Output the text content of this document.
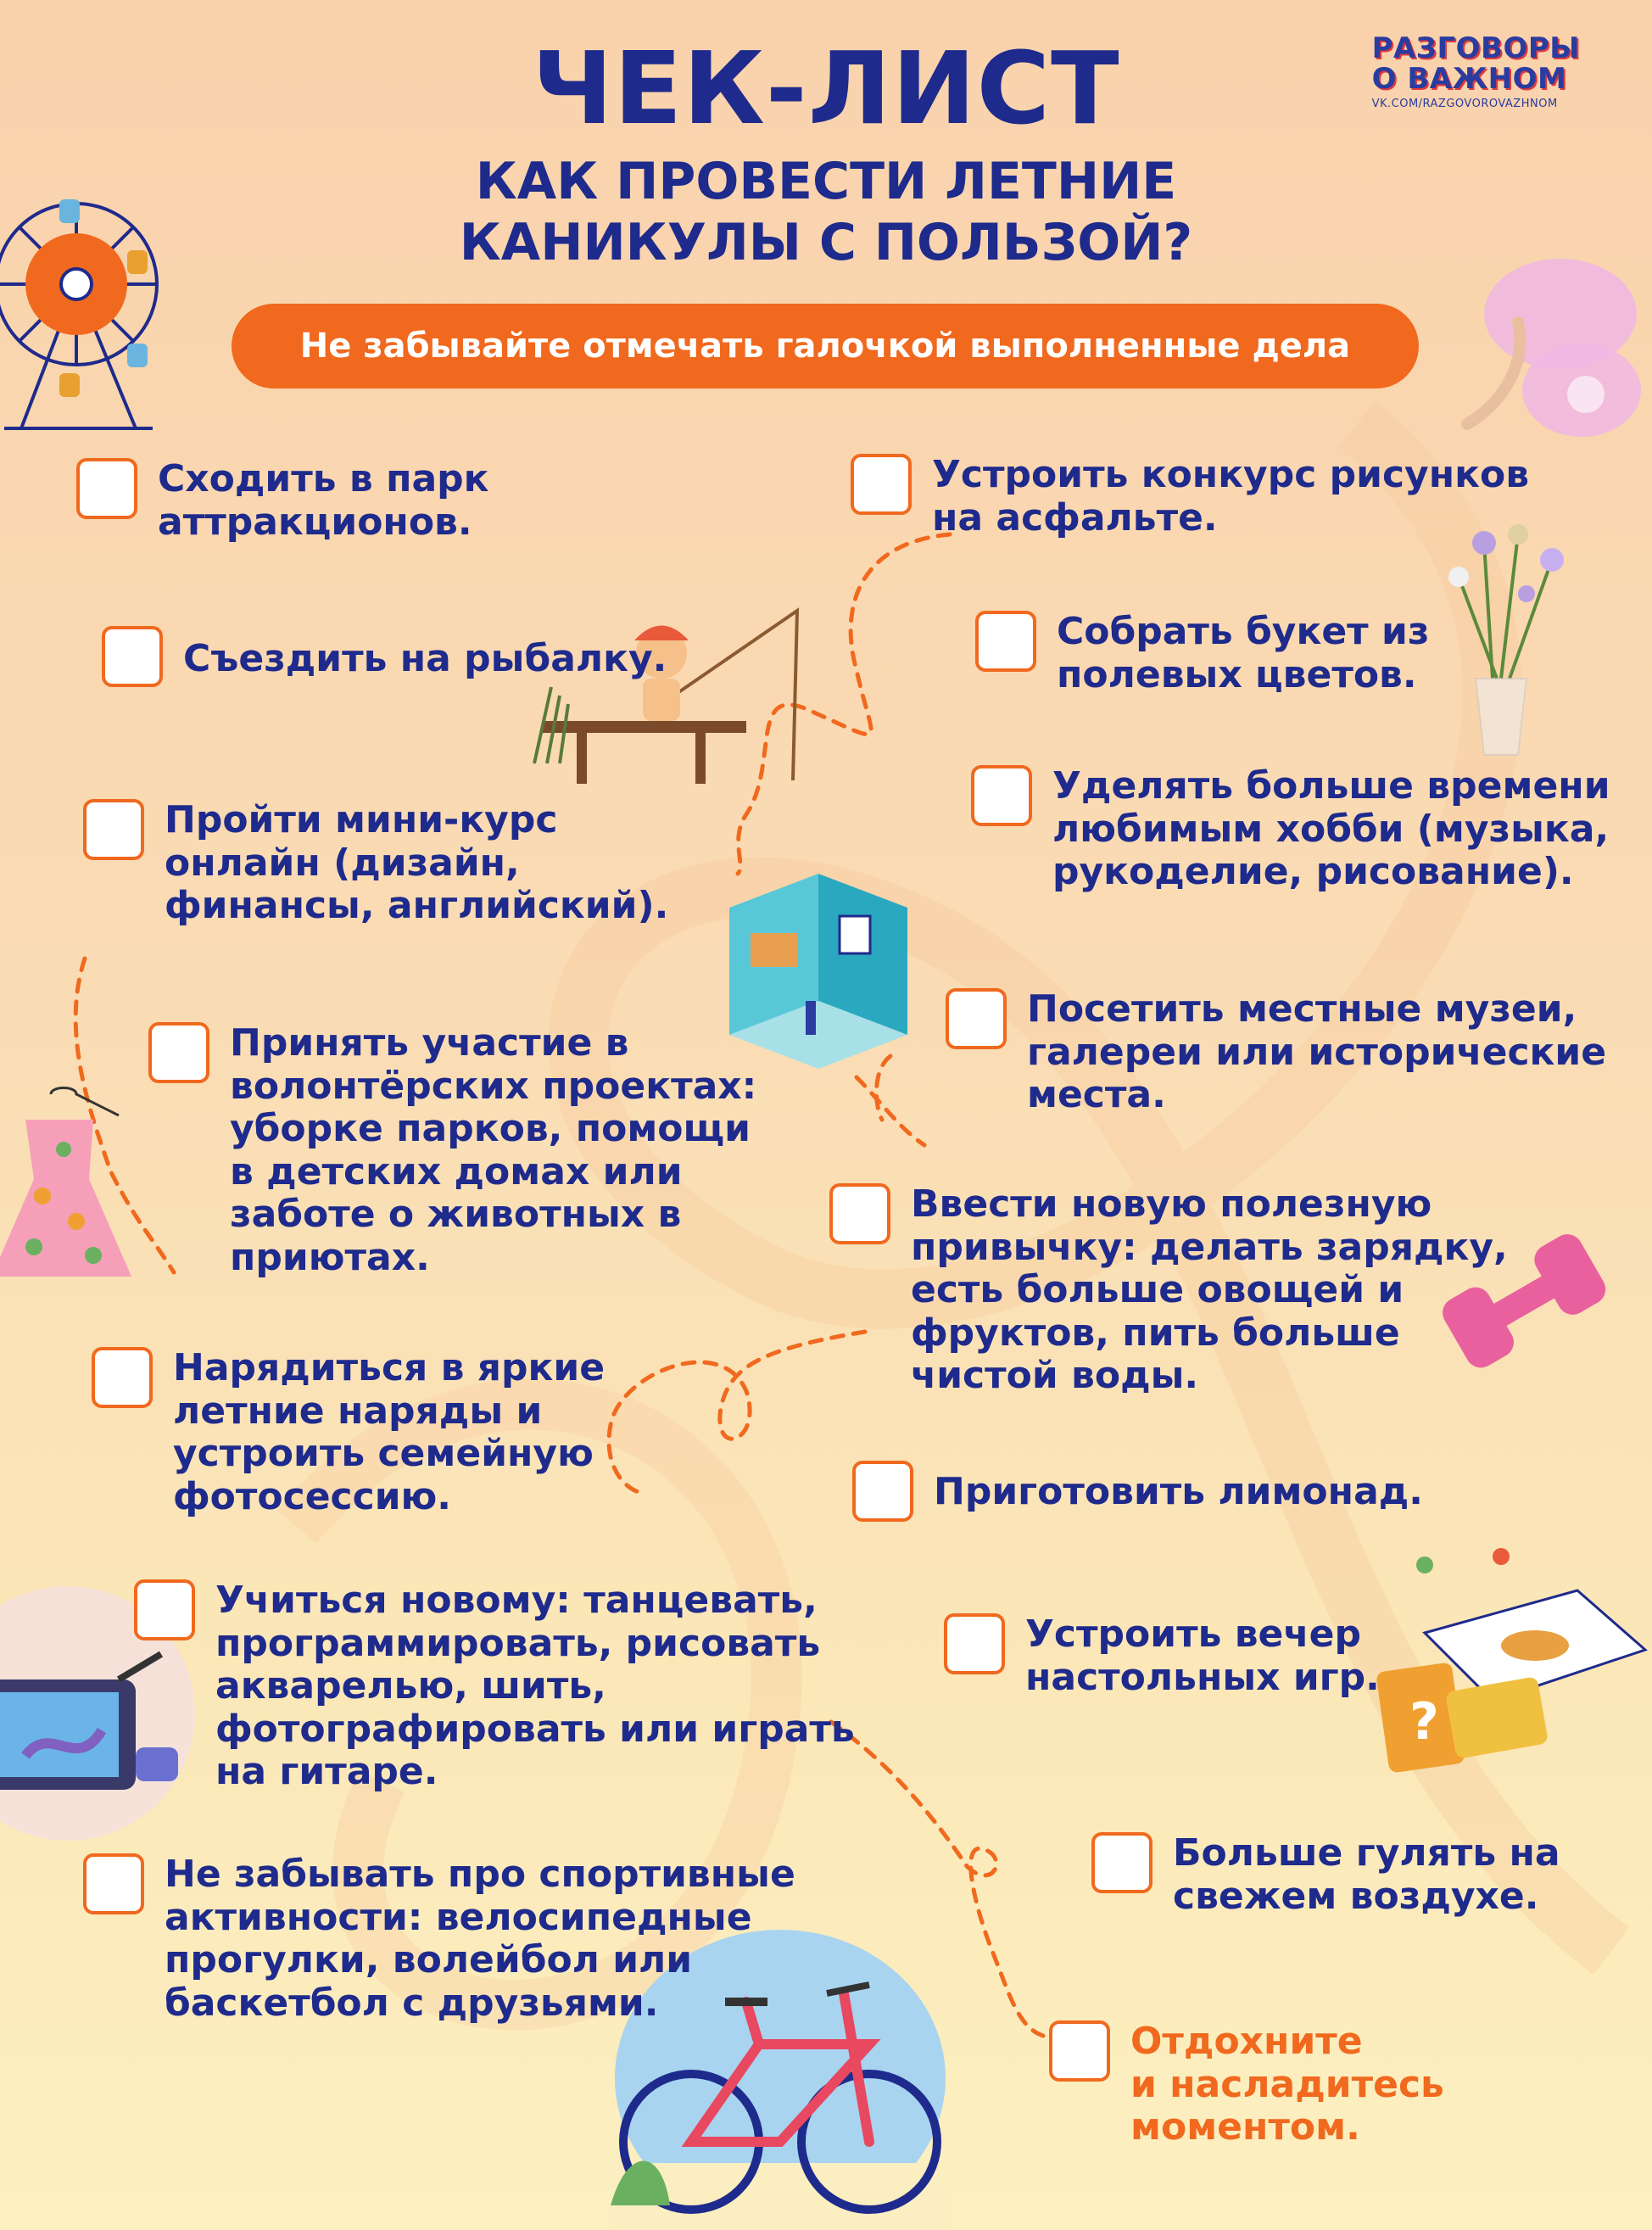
ЧЕК-ЛИСТ
КАК ПРОВЕСТИ ЛЕТНИЕ
КАНИКУЛЫ С ПОЛЬЗОЙ?
Не забывайте отмечать галочкой выполненные дела
РАЗГОВОРЫ
О ВАЖНОМ
VK.COM/RAZGOVOROVAZHNOM
?
Сходить в парк
аттракционов.
Съездить на рыбалку.
Пройти мини-курс
онлайн (дизайн,
финансы, английский).
Принять участие в
волонтёрских проектах:
уборке парков, помощи
в детских домах или
заботе о животных в
приютах.
Нарядиться в яркие
летние наряды и
устроить семейную
фотосессию.
Учиться новому: танцевать,
программировать, рисовать
акварелью, шить,
фотографировать или играть
на гитаре.
Не забывать про спортивные
активности: велосипедные
прогулки, волейбол или
баскетбол с друзьями.
Устроить конкурс рисунков
на асфальте.
Собрать букет из
полевых цветов.
Уделять больше времени
любимым хобби (музыка,
рукоделие, рисование).
Посетить местные музеи,
галереи или исторические
места.
Ввести новую полезную
привычку: делать зарядку,
есть больше овощей и
фруктов, пить больше
чистой воды.
Приготовить лимонад.
Устроить вечер
настольных игр.
Больше гулять на
свежем воздухе.
Отдохните
и насладитесь
моментом.
